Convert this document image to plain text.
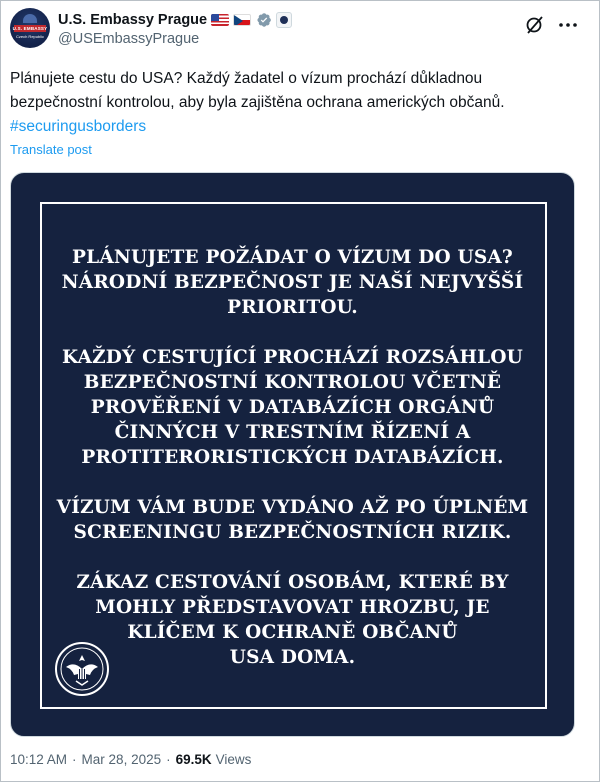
U.S. EMBASSY
Czech Republic
U.S. Embassy Prague
@USEmbassyPrague

Plánujete cestu do USA? Každý žadatel o vízum prochází důkladnou

bezpečnostní kontrolou, aby byla zajištěna ochrana amerických občanů.

#securingusborders

Translate post
PLÁNUJETE POŽÁDAT O VÍZUM DO USA?
NÁRODNÍ BEZPEČNOST JE NAŠÍ NEJVYŠŠÍ
PRIORITOU.
KAŽDÝ CESTUJÍCÍ PROCHÁZÍ ROZSÁHLOU
BEZPEČNOSTNÍ KONTROLOU VČETNĚ
PROVĚŘENÍ V DATABÁZÍCH ORGÁNŮ
ČINNÝCH V TRESTNÍM ŘÍZENÍ A
PROTITERORISTICKÝCH DATABÁZÍCH.
VÍZUM VÁM BUDE VYDÁNO AŽ PO ÚPLNÉM
SCREENINGU BEZPEČNOSTNÍCH RIZIK.
ZÁKAZ CESTOVÁNÍ OSOBÁM, KTERÉ BY
MOHLY PŘEDSTAVOVAT HROZBU, JE
KLÍČEM K OCHRANĚ OBČANŮ
USA DOMA.
10:12 AM · Mar 28, 2025 · 69.5K Views
